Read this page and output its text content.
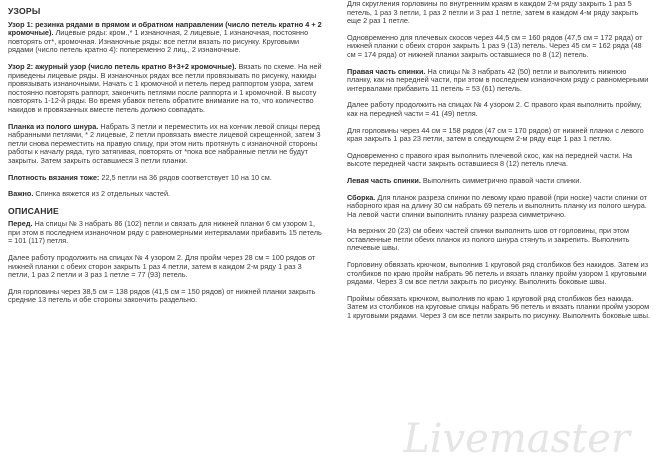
УЗОРЫ

Узор 1: резинка рядами в прямом и обратном направлении (число петель кратно 4 + 2 кромочные). Лицевые ряды: кром.,* 1 изнаночная, 2 лицевые, 1 изнаночная, постоянно повторять от*, кромочная. Изнаночные ряды: все петли вязать по рисунку. Круговыми рядами (число петель кратно 4): попеременно 2 лиц., 2 изнаночные.

Узор 2: ажурный узор (число петель кратно 8+3+2 кромочные). Вязать по схеме. На ней приведены лицевые ряды. В изнаночных рядах все петли провязывать по рисунку, накиды провязывать изнаночными. Начать с 1 кромочной и петель перед раппортом узора, затем постоянно повторять раппорт, закончить петлями после раппорта и 1 кромочной. В высоту повторять 1-12-й ряды. Во время убавок петель обратите внимание на то, что количество накидов и провязанных вместе петель должно совпадать.

Планка из полого шнура. Набрать 3 петли и переместить их на кончик левой спицы перед набранными петлями, * 2 лицевые, 2 петли провязать вместе лицевой скрещенной, затем 3 петли снова переместить на правую спицу, при этом нить протянуть с изнаночной стороны работы к началу ряда, туго затягивая, повторять от *пока все набранные петли не будут закрыты. Затем закрыть оставшиеся 3 петли планки.

Плотность вязания тоже: 22,5 петли на 36 рядов соответствует 10 на 10 см.

Важно. Спинка вяжется из 2 отдельных частей.

ОПИСАНИЕ

Перед. На спицы № 3 набрать 86 (102) петли и связать для нижней планки 6 см узором 1, при этом в последнем изнаночном ряду с равномерными интервалами прибавить 15 петель = 101 (117) петля.

Далее работу продолжить на спицах № 4 узором 2. Для пройм через 28 см = 100 рядов от нижней планки с обеих сторон закрыть 1 раз 4 петли, затем в каждом 2-м ряду 1 раз 3 петли, 1 раз 2 петли и 3 раз 1 петле = 77 (93) петель.

Для горловины через 38,5 см = 138 рядов (41,5 см = 150 рядов) от нижней планки закрыть средние 13 петель и обе стороны закончить раздельно.

Для скругления горловины по внутренним краям в каждом 2-м ряду закрыть 1 раз 5 петель, 1 раз 3 петли, 1 раз 2 петли и 3 раз 1 петле, затем в каждом 4-м ряду закрыть еще 2 раз 1 петле.

Одновременно для плечевых скосов через 44,5 см = 160 рядов (47,5 см = 172 ряда) от нижней планки с обеих сторон закрыть 1 раз 9 (13) петель. Через 45 см = 162 ряда (48 см = 174 ряда) от нижней планки закрыть оставшиеся по 8 (12) петель.

Правая часть спинки. На спицы № 3 набрать 42 (50) петли и выполнить нижнюю планку, как на передней части, при этом в последнем изнаночном ряду с равномерными интервалами прибавить 11 петель = 53 (61) петель.

Далее работу продолжить на спицах № 4 узором 2. С правого края выполнить пройму, как на передней части = 41 (49) петля.

Для горловины через 44 см = 158 рядов (47 см = 170 рядов) от нижней планки с левого края закрыть 1 раз 23 петли, затем в следующем 2-м ряду еще 1 раз 1 петлю.

Одновременно с правого края выполнить плечевой скос, как на передней части. На высоте передней части закрыть оставшиеся 8 (12) петель плеча.

Левая часть спинки. Выполнить симметрично правой части спинки.

Сборка. Для планок разреза спинки по левому краю правой (при носке) части спинки от наборного края на длину 30 см набрать 69 петель и выполнить планку из полого шнура. На левой части спинки выполнить планку разреза симметрично.

На верхних 20 (23) см обеих частей спинки выполнить шов от горловины, при этом оставленные петли обеих планок из полого шнура стянуть и закрепить. Выполнить плечевые швы.

Горловину обвязать крючком, выполнив 1 круговой ряд столбиков без накидов. Затем из столбиков по краю пройм набрать 96 петель и вязать планку пройм узором 1 круговыми рядами. Через 3 см все петли закрыть по рисунку. Выполнить боковые швы.

Проймы обвязать крючком, выполнив по краю 1 круговой ряд столбиков без накида. Затем из столбиков на круговые спицы набрать 96 петель и вязать планки пройм узором 1 круговыми рядами. Через 3 см все петли закрыть по рисунку. Выполнить боковые швы.

Livemaster
